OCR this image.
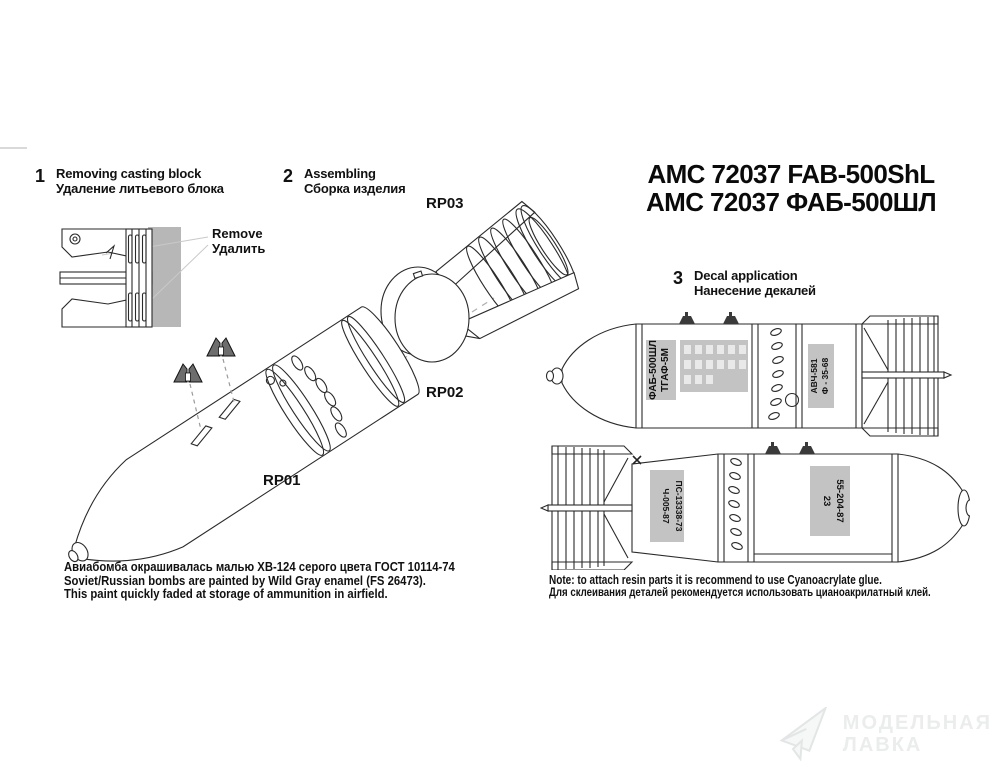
1 Removing casting block
Удаление литьевого блока
2 Assembling
Сборка изделия
3 Decal application
Нанесение декалей
AMC 72037 FAB-500ShL
АМС 72037 ФАБ-500ШЛ
Remove
Удалить
RP01
RP02
RP03
ФАБ-500ШЛ ТГАФ-5М	АВЧ-581 Ф - 35-68
ПС-13338-73
Ч-005-87	55-204-87
23
Авиабомба окрашивалась малью ХВ-124 серого цвета ГОСТ 10114-74
Soviet/Russian bombs are painted by Wild Gray enamel (FS 26473).
This paint quickly faded at storage of ammunition in airfield.
Note: to attach resin parts it is recommend to use Cyanoacrylate glue.
Для склеивания деталей рекомендуется использовать цианоакрилатный клей.
МОДЕЛЬНАЯ
ЛАВКА
